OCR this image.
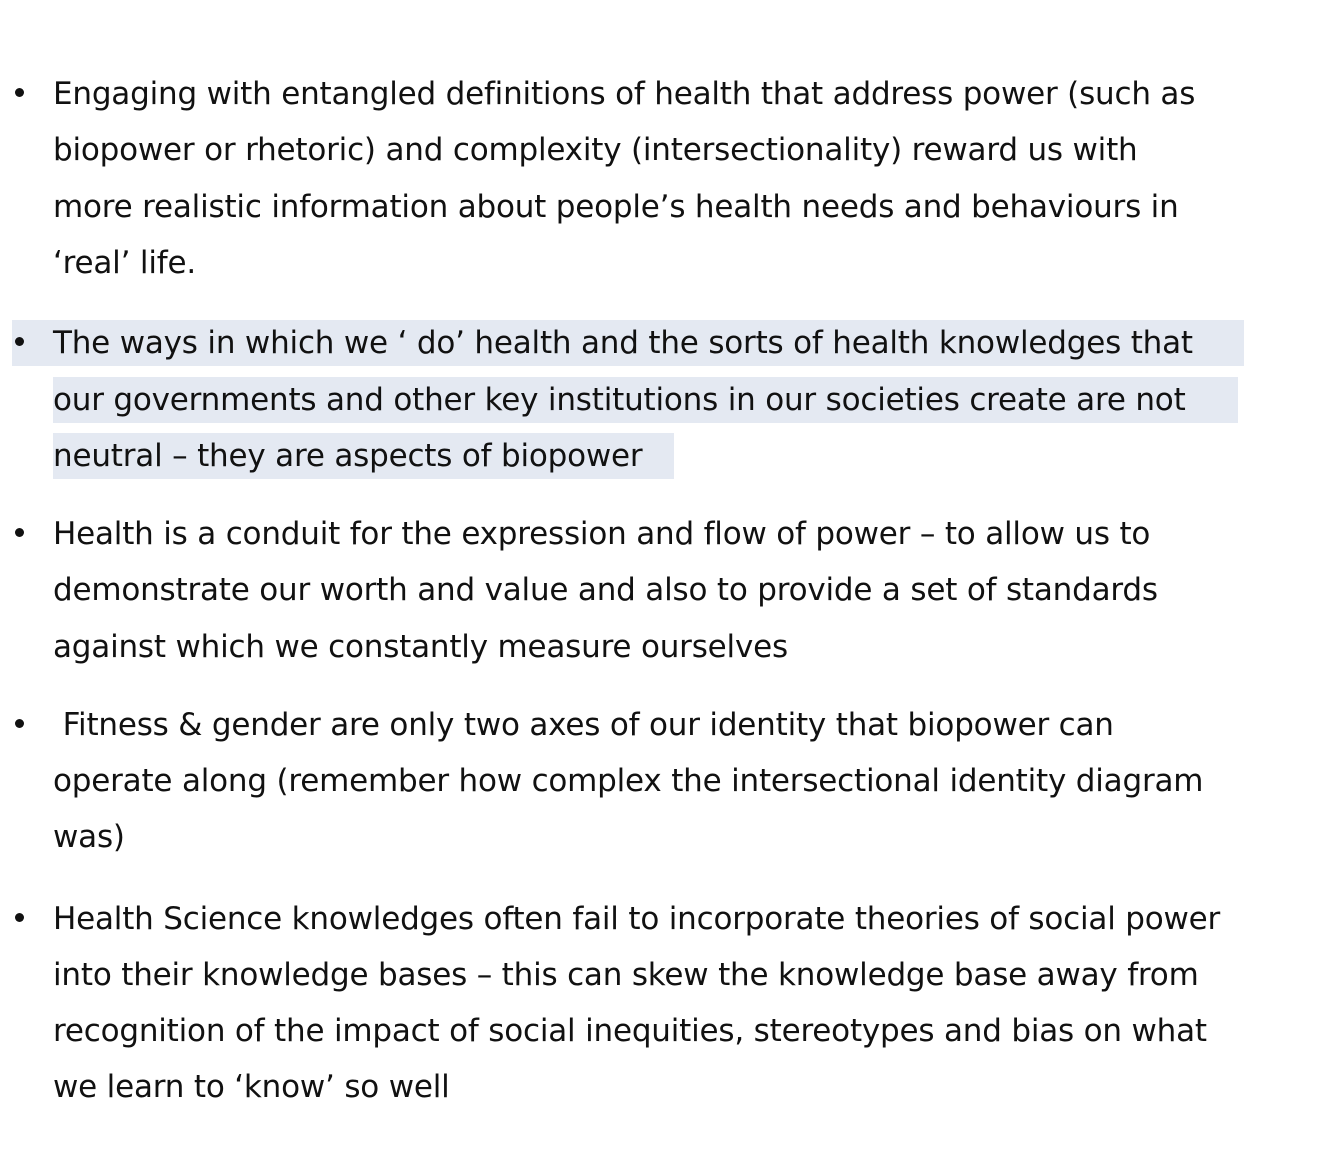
Engaging with entangled definitions of health that address power (such as
biopower or rhetoric) and complexity (intersectionality) reward us with
more realistic information about people’s health needs and behaviours in
‘real’ life.
The ways in which we ‘ do’ health and the sorts of health knowledges that
our governments and other key institutions in our societies create are not
neutral – they are aspects of biopower
Health is a conduit for the expression and flow of power – to allow us to
demonstrate our worth and value and also to provide a set of standards
against which we constantly measure ourselves
Fitness & gender are only two axes of our identity that biopower can
operate along (remember how complex the intersectional identity diagram
was)
Health Science knowledges often fail to incorporate theories of social power
into their knowledge bases – this can skew the knowledge base away from
recognition of the impact of social inequities, stereotypes and bias on what
we learn to ‘know’ so well
